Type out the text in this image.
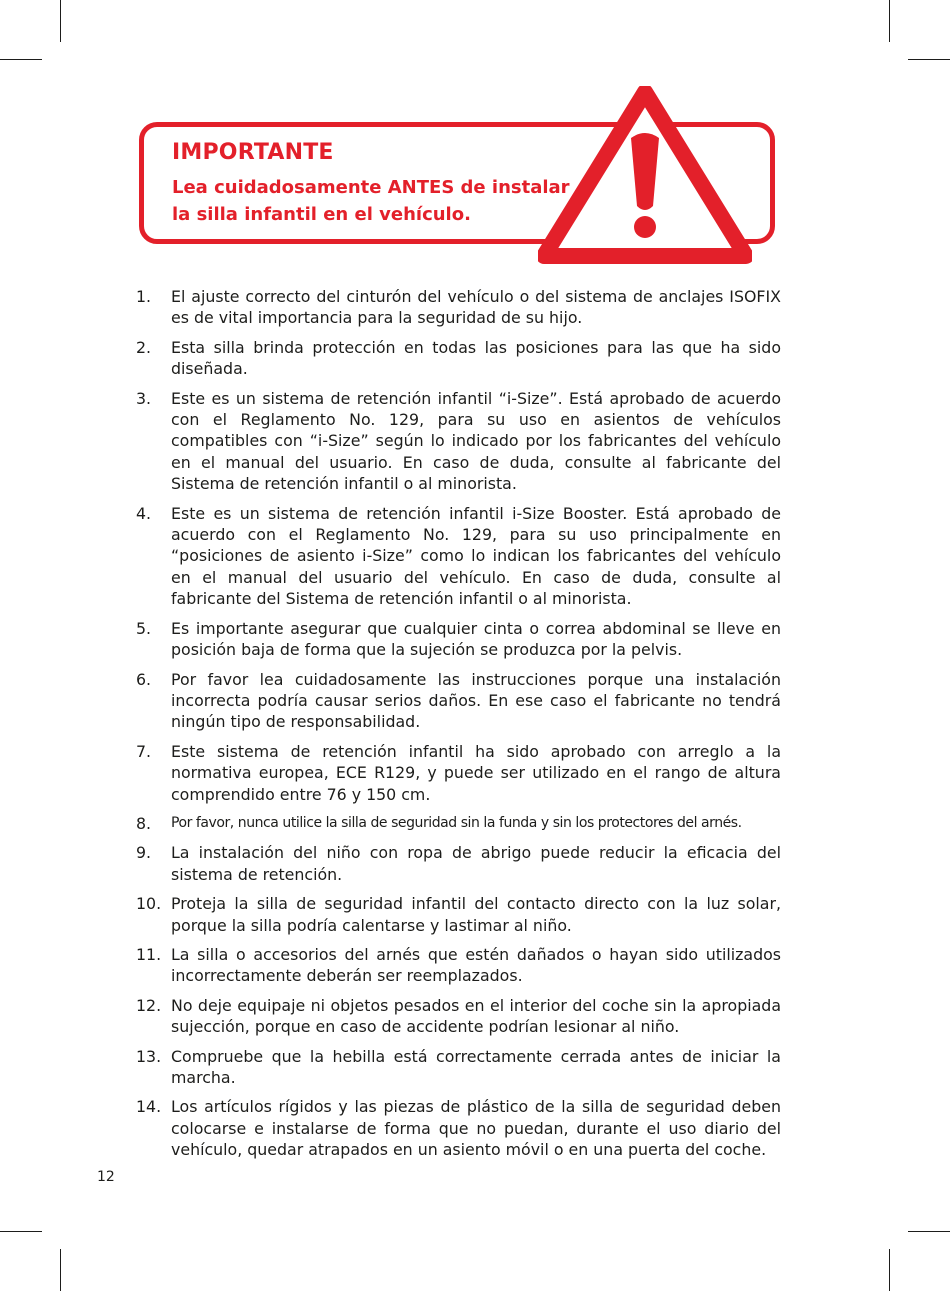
IMPORTANTE

Lea cuidadosamente ANTES de instalar
la silla infantil en el vehículo.

1. El ajuste correcto del cinturón del vehículo o del sistema de anclajes ISOFIX es de vital importancia para la seguridad de su hijo.
2. Esta silla brinda protección en todas las posiciones para las que ha sido diseñada.
3. Este es un sistema de retención infantil “i-Size”. Está aprobado de acuerdo con el Reglamento No. 129, para su uso en asientos de vehículos compatibles con “i-Size” según lo indicado por los fabricantes del vehículo en el manual del usuario. En caso de duda, consulte al fabricante del Sistema de retención infantil o al minorista.
4. Este es un sistema de retención infantil i-Size Booster. Está aprobado de acuerdo con el Reglamento No. 129, para su uso principalmente en “posiciones de asiento i-Size” como lo indican los fabricantes del vehículo en el manual del usuario del vehículo. En caso de duda, consulte al fabricante del Sistema de retención infantil o al minorista.
5. Es importante asegurar que cualquier cinta o correa abdominal se lleve en posición baja de forma que la sujeción se produzca por la pelvis.
6. Por favor lea cuidadosamente las instrucciones porque una instalación incorrecta podría causar serios daños. En ese caso el fabricante no tendrá ningún tipo de responsabilidad.
7. Este sistema de retención infantil ha sido aprobado con arreglo a la normativa europea, ECE R129, y puede ser utilizado en el rango de altura comprendido entre 76 y 150 cm.
8. Por favor, nunca utilice la silla de seguridad sin la funda y sin los protectores del arnés.
9. La instalación del niño con ropa de abrigo puede reducir la eficacia del sistema de retención.
10. Proteja la silla de seguridad infantil del contacto directo con la luz solar, porque la silla podría calentarse y lastimar al niño.
11. La silla o accesorios del arnés que estén dañados o hayan sido utilizados incorrectamente deberán ser reemplazados.
12. No deje equipaje ni objetos pesados en el interior del coche sin la apropiada sujección, porque en caso de accidente podrían lesionar al niño.
13. Compruebe que la hebilla está correctamente cerrada antes de iniciar la marcha.
14. Los artículos rígidos y las piezas de plástico de la silla de seguridad deben colocarse e instalarse de forma que no puedan, durante el uso diario del vehículo, quedar atrapados en un asiento móvil o en una puerta del coche.

12
